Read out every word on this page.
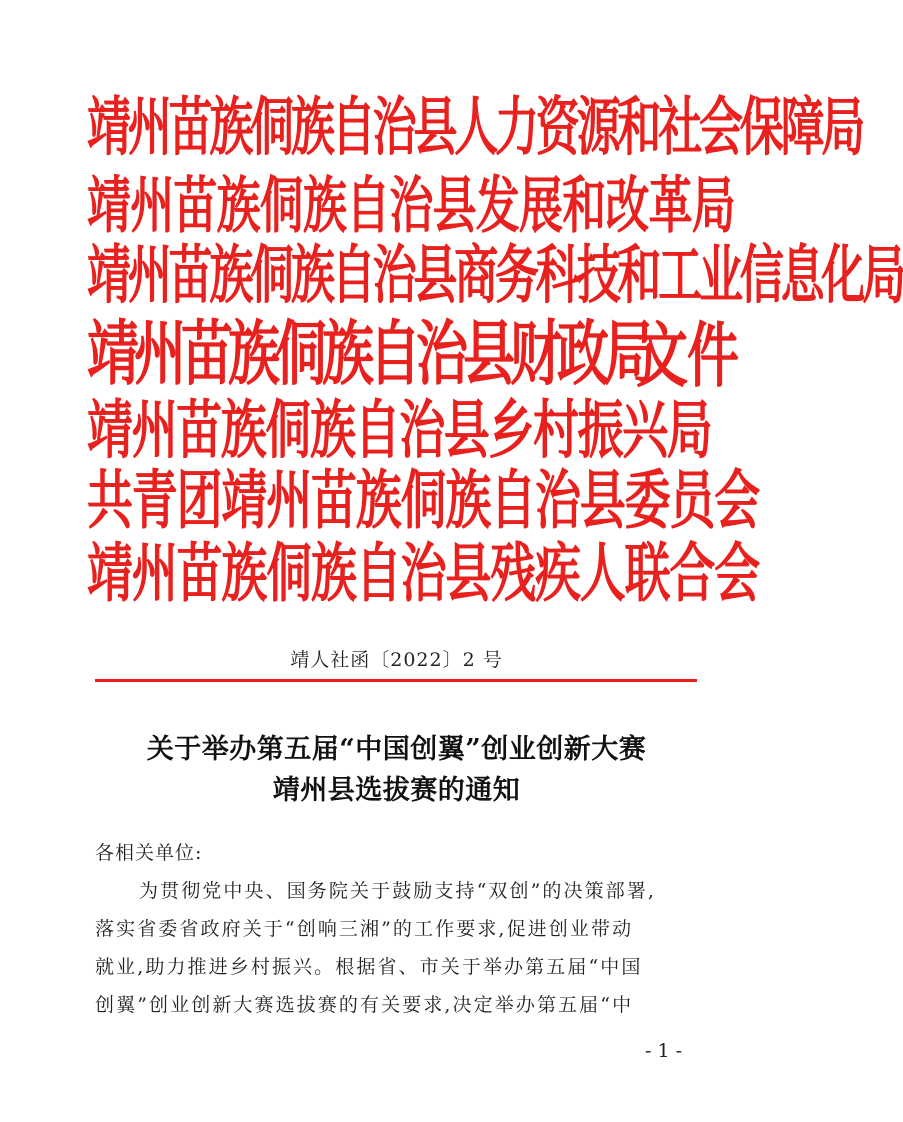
靖州苗族侗族自治县人力资源和社会保障局
靖州苗族侗族自治县发展和改革局
靖州苗族侗族自治县商务科技和工业信息化局
靖州苗族侗族自治县财政局
文件
靖州苗族侗族自治县乡村振兴局
共青团靖州苗族侗族自治县委员会
靖州苗族侗族自治县残疾人联合会
靖人社函〔2022〕2 号
关于举办第五届“中国创翼”创业创新大赛
靖州县选拔赛的通知
各相关单位:
为贯彻党中央、国务院关于鼓励支持“双创”的决策部署,
落实省委省政府关于“创响三湘”的工作要求,促进创业带动
就业,助力推进乡村振兴。根据省、市关于举办第五届“中国
创翼”创业创新大赛选拔赛的有关要求,决定举办第五届“中
- 1 -
